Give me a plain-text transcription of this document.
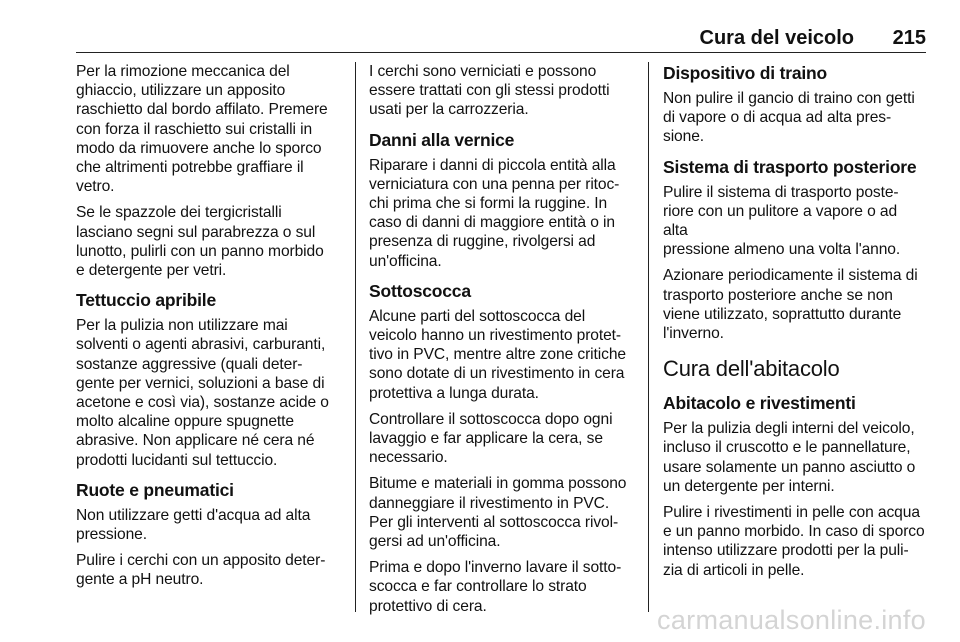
Cura del veicolo 215

Per la rimozione meccanica del
ghiaccio, utilizzare un apposito
raschietto dal bordo affilato. Premere
con forza il raschietto sui cristalli in
modo da rimuovere anche lo sporco
che altrimenti potrebbe graffiare il
vetro.

Se le spazzole dei tergicristalli
lasciano segni sul parabrezza o sul
lunotto, pulirli con un panno morbido
e detergente per vetri.

Tettuccio apribile

Per la pulizia non utilizzare mai
solventi o agenti abrasivi, carburanti,
sostanze aggressive (quali deter-
gente per vernici, soluzioni a base di
acetone e così via), sostanze acide o
molto alcaline oppure spugnette
abrasive. Non applicare né cera né
prodotti lucidanti sul tettuccio.

Ruote e pneumatici

Non utilizzare getti d'acqua ad alta
pressione.

Pulire i cerchi con un apposito deter-
gente a pH neutro.

I cerchi sono verniciati e possono
essere trattati con gli stessi prodotti
usati per la carrozzeria.

Danni alla vernice

Riparare i danni di piccola entità alla
verniciatura con una penna per ritoc-
chi prima che si formi la ruggine. In
caso di danni di maggiore entità o in
presenza di ruggine, rivolgersi ad
un'officina.

Sottoscocca

Alcune parti del sottoscocca del
veicolo hanno un rivestimento protet-
tivo in PVC, mentre altre zone critiche
sono dotate di un rivestimento in cera
protettiva a lunga durata.

Controllare il sottoscocca dopo ogni
lavaggio e far applicare la cera, se
necessario.

Bitume e materiali in gomma possono
danneggiare il rivestimento in PVC.
Per gli interventi al sottoscocca rivol-
gersi ad un'officina.

Prima e dopo l'inverno lavare il sotto-
scocca e far controllare lo strato
protettivo di cera.

Dispositivo di traino

Non pulire il gancio di traino con getti
di vapore o di acqua ad alta pres-
sione.

Sistema di trasporto posteriore

Pulire il sistema di trasporto poste-
riore con un pulitore a vapore o ad alta
pressione almeno una volta l'anno.

Azionare periodicamente il sistema di
trasporto posteriore anche se non
viene utilizzato, soprattutto durante
l'inverno.

Cura dell'abitacolo
Abitacolo e rivestimenti

Per la pulizia degli interni del veicolo,
incluso il cruscotto e le pannellature,
usare solamente un panno asciutto o
un detergente per interni.

Pulire i rivestimenti in pelle con acqua
e un panno morbido. In caso di sporco
intenso utilizzare prodotti per la puli-
zia di articoli in pelle.

carmanualsonline.info
